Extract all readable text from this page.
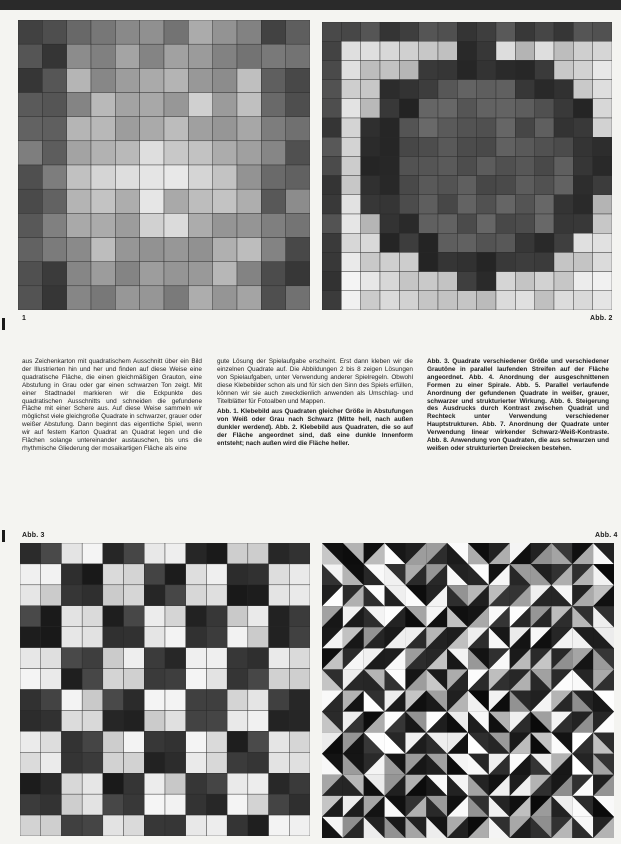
1	Abb. 2
Abb. 3	Abb. 4

aus Zeichenkarton mit quadratischem Ausschnitt über ein Bild der Illustrierten hin und her und finden auf diese Weise eine quadratische Fläche, die einen gleichmäßigen Grauton, eine Abstufung in Grau oder gar einen schwarzen Ton zeigt. Mit einer Stadtnadel markieren wir die Eckpunkte des quadratischen Ausschnitts und schneiden die gefundene Fläche mit einer Schere aus. Auf diese Weise sammeln wir möglichst viele gleichgroße Quadrate in schwarzer, grauer oder weißer Abstufung. Dann beginnt das eigentliche Spiel, wenn wir auf festem Karton Quadrat an Quadrat legen und die Flächen solange untereinander austauschen, bis uns die rhythmische Gliederung der mosaikartigen Fläche als eine

gute Lösung der Spielaufgabe erscheint. Erst dann kleben wir die einzelnen Quadrate auf. Die Abbildungen 2 bis 8 zeigen Lösungen von Spielaufgaben, unter Verwendung anderer Spielregeln. Obwohl diese Klebebilder schon als und für sich den Sinn des Spiels erfüllen, können wir sie auch zweckdienlich anwenden als Umschlag- und Titelblätter für Fotoalben und Mappen.

Abb. 1. Klebebild aus Quadraten gleicher Größe in Abstufungen von Weiß oder Grau nach Schwarz (Mitte hell, nach außen dunkler werdend). Abb. 2. Klebebild aus Quadraten, die so auf der Fläche angeordnet sind, daß eine dunkle Innenform entsteht; nach außen wird die Fläche heller.

Abb. 3. Quadrate verschiedener Größe und verschiedener Grautöne in parallel laufenden Streifen auf der Fläche angeordnet. Abb. 4. Anordnung der ausgeschnittenen Formen zu einer Spirale. Abb. 5. Parallel verlaufende Anordnung der gefundenen Quadrate in weißer, grauer, schwarzer und strukturierter Wirkung. Abb. 6. Steigerung des Ausdrucks durch Kontrast zwischen Quadrat und Rechteck unter Verwendung verschiedener Hauptstrukturen. Abb. 7. Anordnung der Quadrate unter Verwendung linear wirkender Schwarz-Weiß-Kontraste. Abb. 8. Anwendung von Quadraten, die aus schwarzen und weißen oder strukturierten Dreiecken bestehen.
